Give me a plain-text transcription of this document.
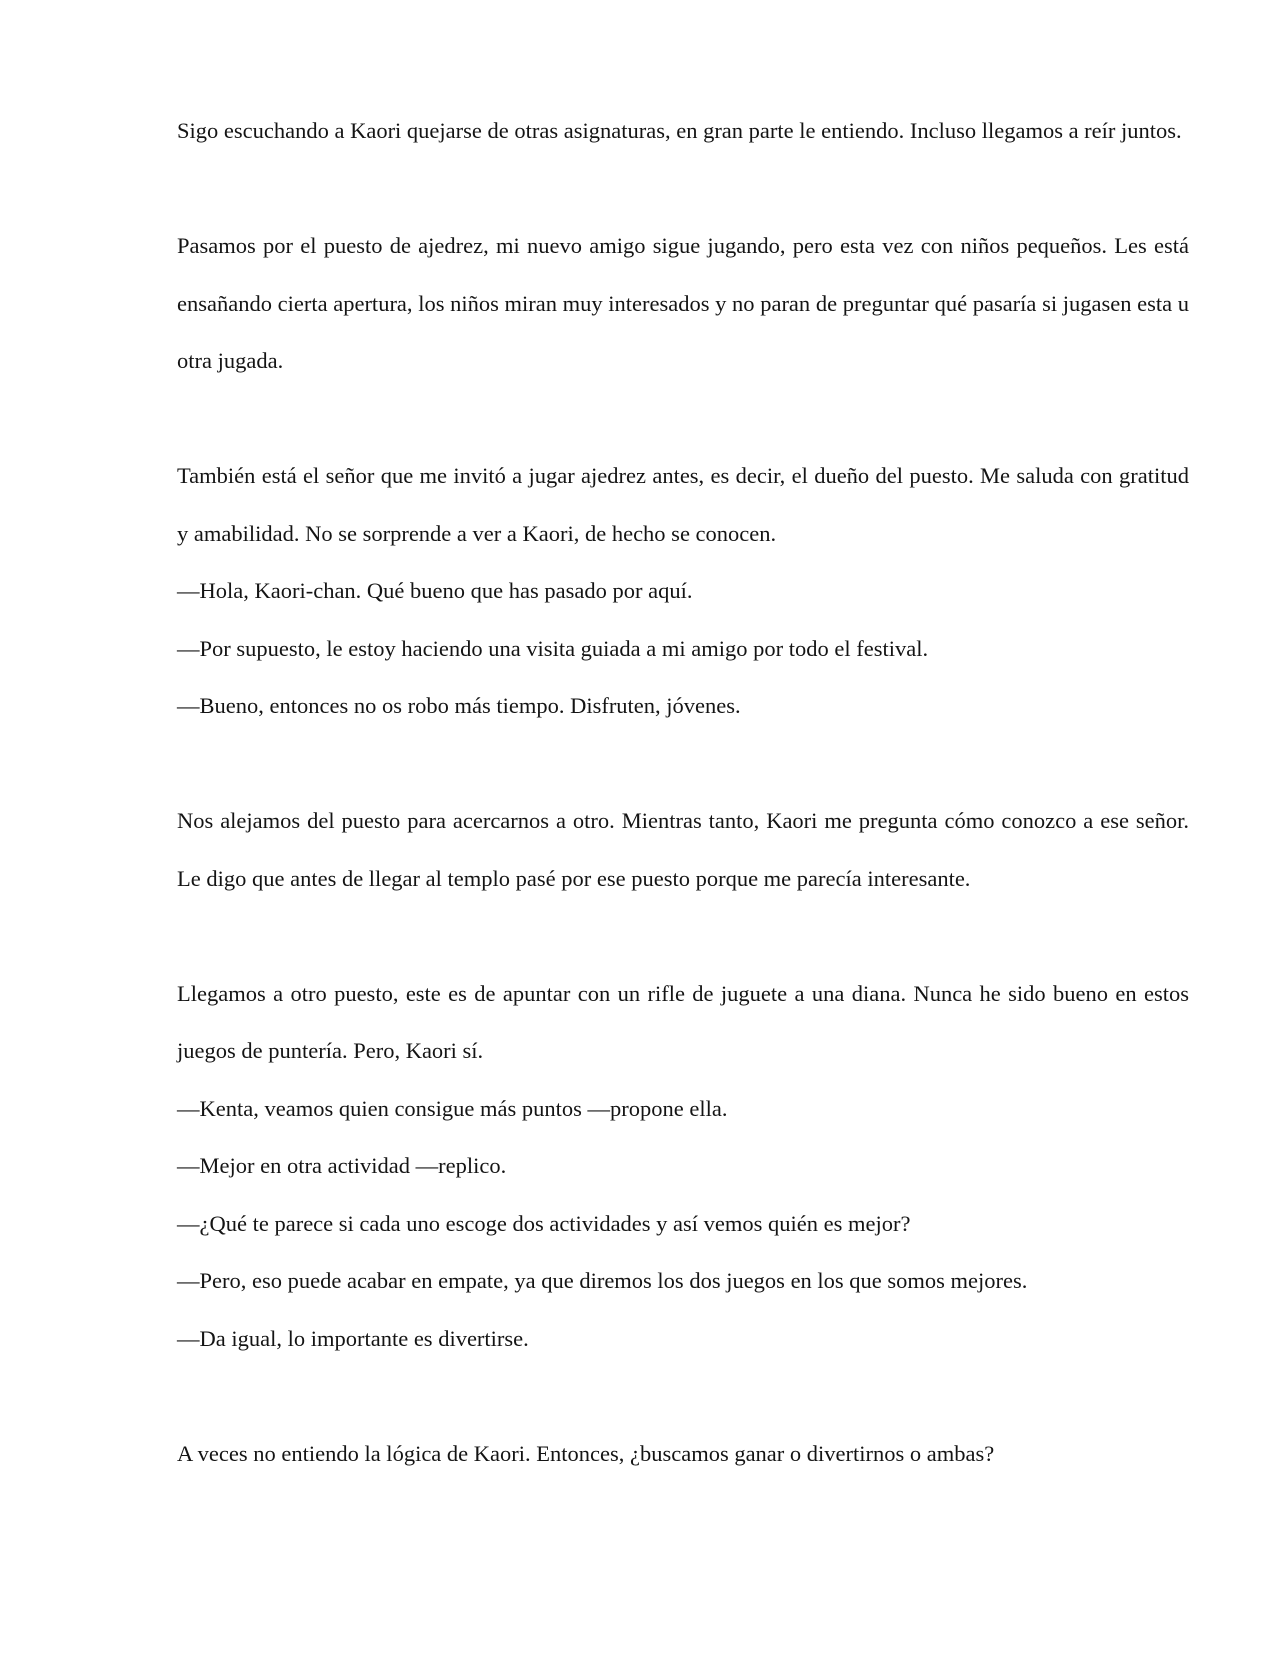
Sigo escuchando a Kaori quejarse de otras asignaturas, en gran parte le entiendo. Incluso llegamos a reír juntos.

Pasamos por el puesto de ajedrez, mi nuevo amigo sigue jugando, pero esta vez con niños pequeños. Les está ensañando cierta apertura, los niños miran muy interesados y no paran de preguntar qué pasaría si jugasen esta u otra jugada.

También está el señor que me invitó a jugar ajedrez antes, es decir, el dueño del puesto. Me saluda con gratitud y amabilidad. No se sorprende a ver a Kaori, de hecho se conocen.

—Hola, Kaori-chan. Qué bueno que has pasado por aquí.

—Por supuesto, le estoy haciendo una visita guiada a mi amigo por todo el festival.

—Bueno, entonces no os robo más tiempo. Disfruten, jóvenes.

Nos alejamos del puesto para acercarnos a otro. Mientras tanto, Kaori me pregunta cómo conozco a ese señor. Le digo que antes de llegar al templo pasé por ese puesto porque me parecía interesante.

Llegamos a otro puesto, este es de apuntar con un rifle de juguete a una diana. Nunca he sido bueno en estos juegos de puntería. Pero, Kaori sí.

—Kenta, veamos quien consigue más puntos —propone ella.

—Mejor en otra actividad —replico.

—¿Qué te parece si cada uno escoge dos actividades y así vemos quién es mejor?

—Pero, eso puede acabar en empate, ya que diremos los dos juegos en los que somos mejores.

—Da igual, lo importante es divertirse.

A veces no entiendo la lógica de Kaori. Entonces, ¿buscamos ganar o divertirnos o ambas?
